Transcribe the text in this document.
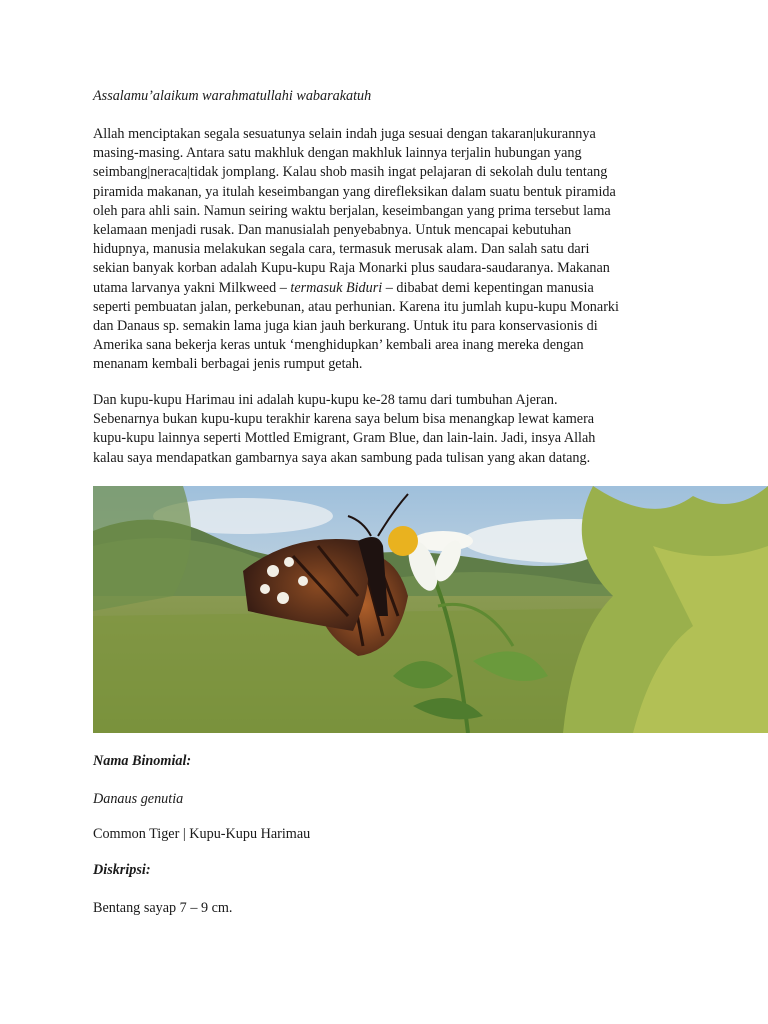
Assalamu’alaikum warahmatullahi wabarakatuh

Allah menciptakan segala sesuatunya selain indah juga sesuai dengan takaran|ukurannya
masing-masing. Antara satu makhluk dengan makhluk lainnya terjalin hubungan yang
seimbang|neraca|tidak jomplang. Kalau shob masih ingat pelajaran di sekolah dulu tentang
piramida makanan, ya itulah keseimbangan yang direfleksikan dalam suatu bentuk piramida
oleh para ahli sain. Namun seiring waktu berjalan, keseimbangan yang prima tersebut lama
kelamaan menjadi rusak. Dan manusialah penyebabnya. Untuk mencapai kebutuhan
hidupnya, manusia melakukan segala cara, termasuk merusak alam. Dan salah satu dari
sekian banyak korban adalah Kupu-kupu Raja Monarki plus saudara-saudaranya. Makanan
utama larvanya yakni Milkweed – termasuk Biduri – dibabat demi kepentingan manusia
seperti pembuatan jalan, perkebunan, atau perhunian. Karena itu jumlah kupu-kupu Monarki
dan Danaus sp. semakin lama juga kian jauh berkurang. Untuk itu para konservasionis di
Amerika sana bekerja keras untuk ‘menghidupkan’ kembali area inang mereka dengan
menanam kembali berbagai jenis rumput getah.

Dan kupu-kupu Harimau ini adalah kupu-kupu ke-28 tamu dari tumbuhan Ajeran.
Sebenarnya bukan kupu-kupu terakhir karena saya belum bisa menangkap lewat kamera
kupu-kupu lainnya seperti Mottled Emigrant, Gram Blue, dan lain-lain. Jadi, insya Allah
kalau saya mendapatkan gambarnya saya akan sambung pada tulisan yang akan datang.

Nama Binomial:

Danaus genutia

Common Tiger | Kupu-Kupu Harimau

Diskripsi:

Bentang sayap 7 – 9 cm.
